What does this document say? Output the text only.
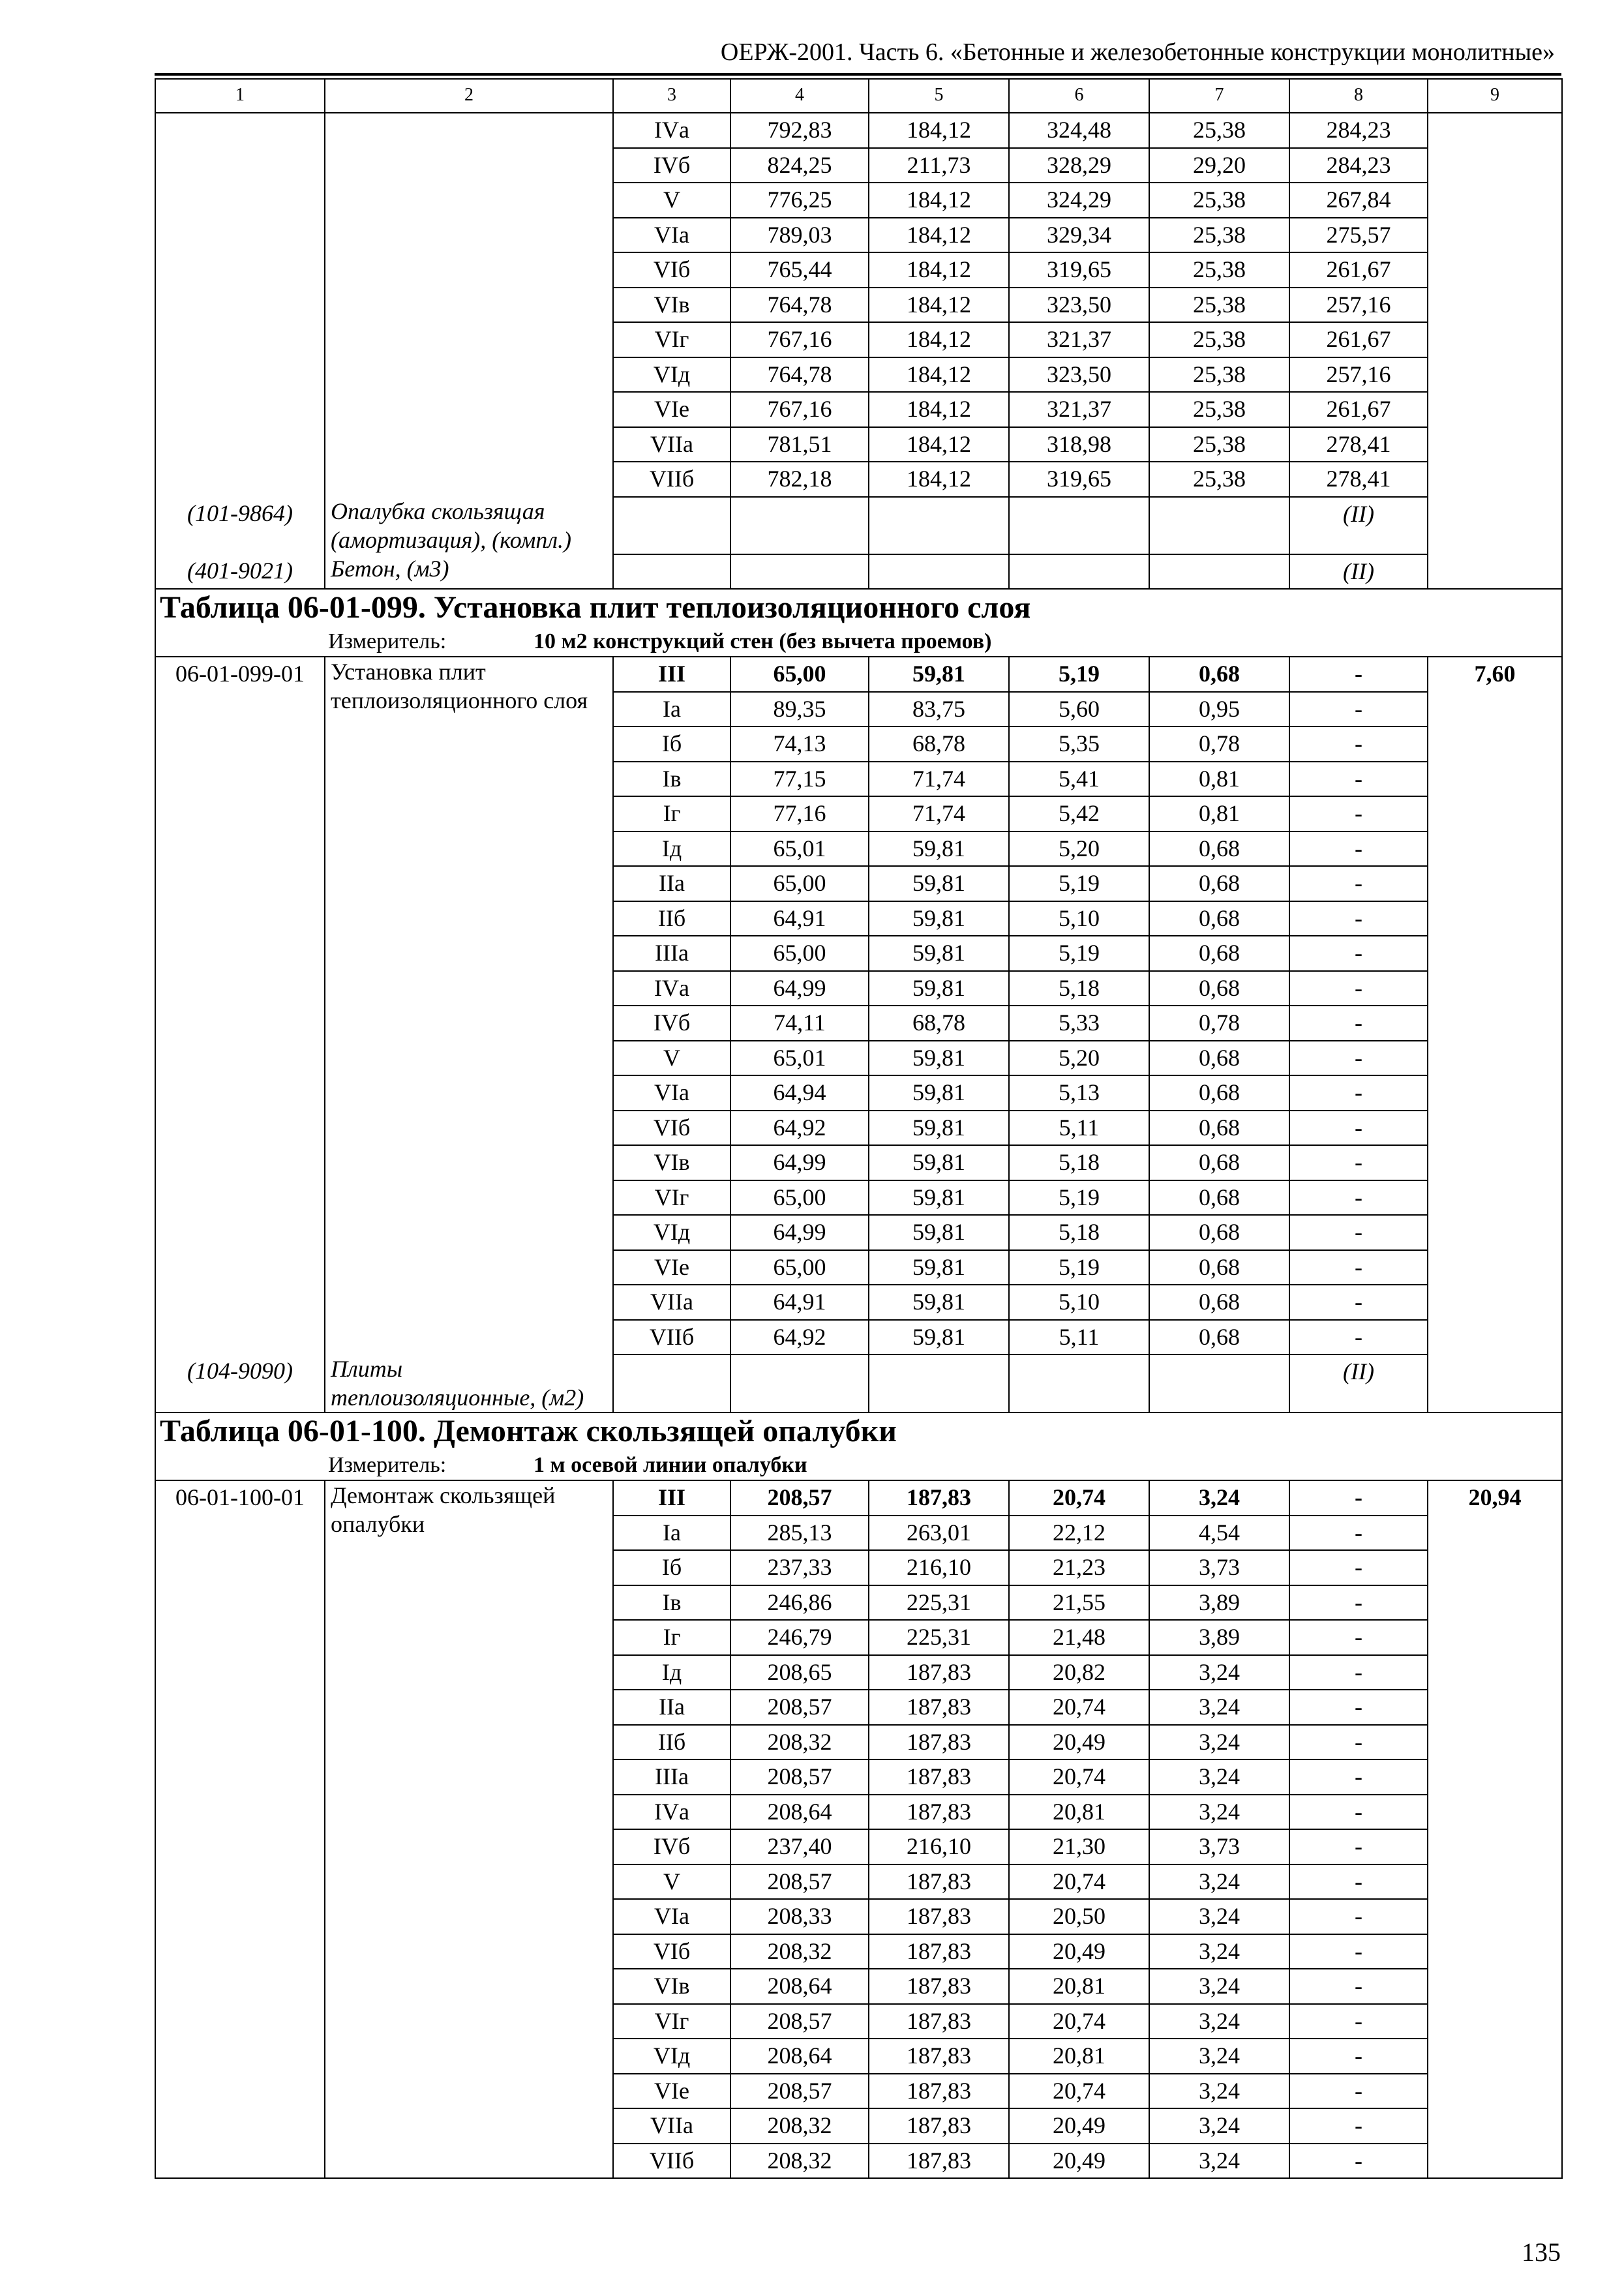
ОЕРЖ-2001. Часть 6. «Бетонные и железобетонные конструкции монолитные»
1	2	3	4	5	6	7	8	9
		IVа	792,83	184,12	324,48	25,38	284,23	
		IVб	824,25	211,73	328,29	29,20	284,23	
		V	776,25	184,12	324,29	25,38	267,84	
		VIа	789,03	184,12	329,34	25,38	275,57	
		VIб	765,44	184,12	319,65	25,38	261,67	
		VIв	764,78	184,12	323,50	25,38	257,16	
		VIг	767,16	184,12	321,37	25,38	261,67	
		VIд	764,78	184,12	323,50	25,38	257,16	
		VIе	767,16	184,12	321,37	25,38	261,67	
		VIIа	781,51	184,12	318,98	25,38	278,41	
		VIIб	782,18	184,12	319,65	25,38	278,41	
(101-9864)	Опалубка скользящая (амортизация), (компл.)						(II)	
(401-9021)	Бетон, (м3)						(II)	
Таблица 06-01-099. Установка плит теплоизоляционного слоя								
Измеритель: 10 м2 конструкций стен (без вычета проемов)								
06-01-099-01	Установка плит теплоизоляционного слоя	III	65,00	59,81	5,19	0,68	-	7,60
		Iа	89,35	83,75	5,60	0,95	-	
		Iб	74,13	68,78	5,35	0,78	-	
		Iв	77,15	71,74	5,41	0,81	-	
		Iг	77,16	71,74	5,42	0,81	-	
		Iд	65,01	59,81	5,20	0,68	-	
		IIа	65,00	59,81	5,19	0,68	-	
		IIб	64,91	59,81	5,10	0,68	-	
		IIIа	65,00	59,81	5,19	0,68	-	
		IVа	64,99	59,81	5,18	0,68	-	
		IVб	74,11	68,78	5,33	0,78	-	
		V	65,01	59,81	5,20	0,68	-	
		VIа	64,94	59,81	5,13	0,68	-	
		VIб	64,92	59,81	5,11	0,68	-	
		VIв	64,99	59,81	5,18	0,68	-	
		VIг	65,00	59,81	5,19	0,68	-	
		VIд	64,99	59,81	5,18	0,68	-	
		VIе	65,00	59,81	5,19	0,68	-	
		VIIа	64,91	59,81	5,10	0,68	-	
		VIIб	64,92	59,81	5,11	0,68	-	
(104-9090)	Плиты теплоизоляционные, (м2)						(II)	
Таблица 06-01-100. Демонтаж скользящей опалубки								
Измеритель: 1 м осевой линии опалубки								
06-01-100-01	Демонтаж скользящей опалубки	III	208,57	187,83	20,74	3,24	-	20,94
		Iа	285,13	263,01	22,12	4,54	-	
		Iб	237,33	216,10	21,23	3,73	-	
		Iв	246,86	225,31	21,55	3,89	-	
		Iг	246,79	225,31	21,48	3,89	-	
		Iд	208,65	187,83	20,82	3,24	-	
		IIа	208,57	187,83	20,74	3,24	-	
		IIб	208,32	187,83	20,49	3,24	-	
		IIIа	208,57	187,83	20,74	3,24	-	
		IVа	208,64	187,83	20,81	3,24	-	
		IVб	237,40	216,10	21,30	3,73	-	
		V	208,57	187,83	20,74	3,24	-	
		VIа	208,33	187,83	20,50	3,24	-	
		VIб	208,32	187,83	20,49	3,24	-	
		VIв	208,64	187,83	20,81	3,24	-	
		VIг	208,57	187,83	20,74	3,24	-	
		VIд	208,64	187,83	20,81	3,24	-	
		VIе	208,57	187,83	20,74	3,24	-	
		VIIа	208,32	187,83	20,49	3,24	-	
		VIIб	208,32	187,83	20,49	3,24	-	
135
